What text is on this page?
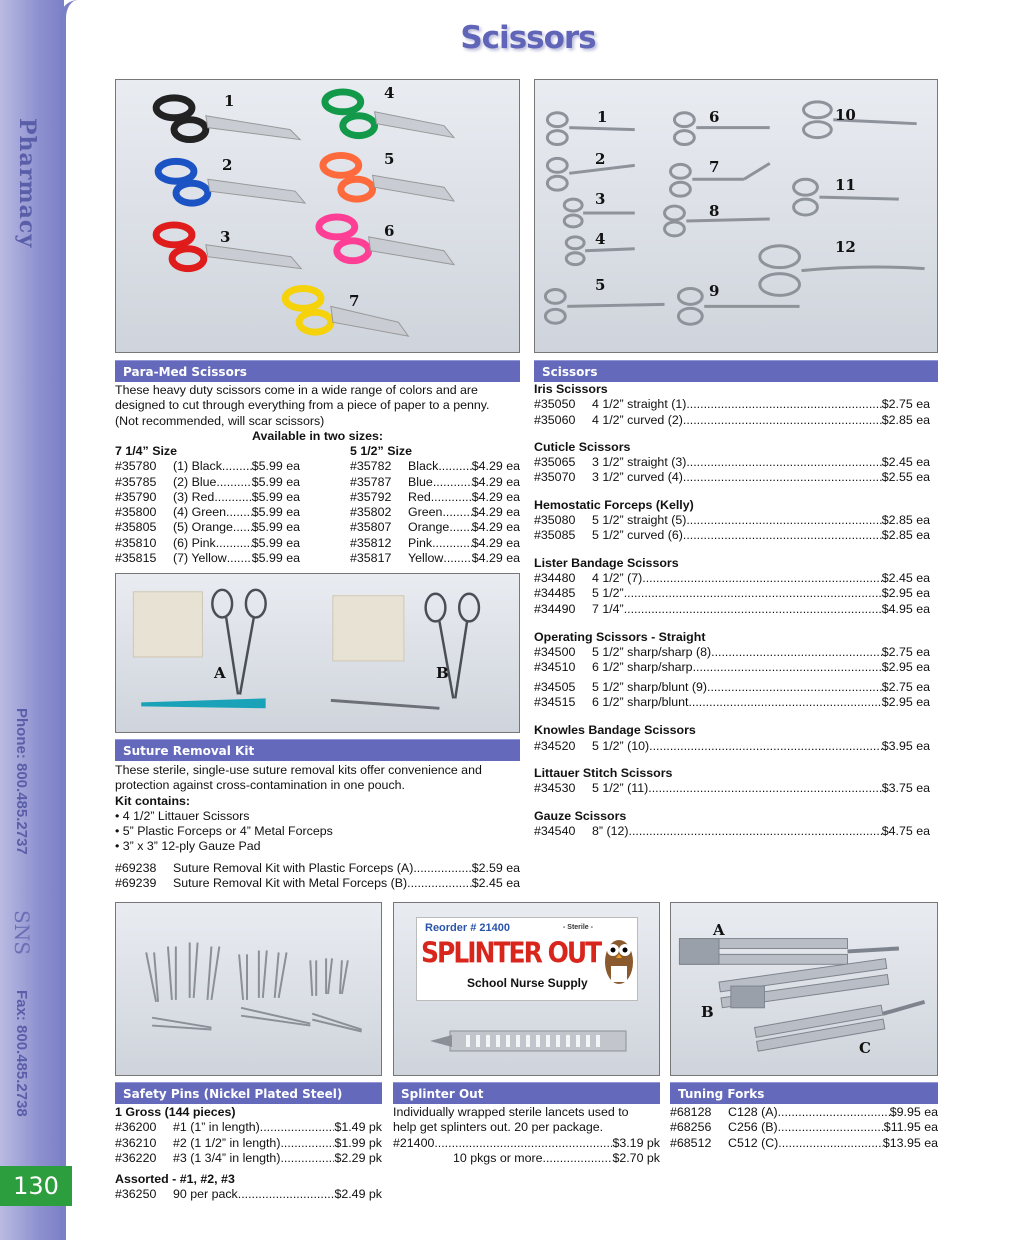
Pharmacy
Phone: 800.485.2737
SNS
Fax: 800.485.2738
130
Scissors
1
2
3
4
5
6
7
1
2
3
4
5
6
7
8
9
10
11
12
Para-Med Scissors
These heavy duty scissors come in a wide range of colors and are
designed to cut through everything from a piece of paper to a penny.
(Not recommended, will scar scissors)
Available in two sizes:
7 1/4” Size
#35780	(1) Black ..... $5.99 ea
#35785	(2) Blue .....	$5.99 ea
#35790	(3) Red .....	$5.99 ea
#35800	(4) Green ..... $5.99 ea
#35805	(5) Orange ..... $5.99 ea
#35810	(6) Pink .....	$5.99 ea
#35815	(7) Yellow ..... $5.99 ea
5 1/2” Size
#35782	Black .....	$4.29 ea
#35787	Blue .....	$4.29 ea
#35792	Red .....	$4.29 ea
#35802	Green ..... $4.29 ea
#35807	Orange ..... $4.29 ea
#35812	Pink .....	$4.29 ea
#35817	Yellow ..... $4.29 ea
Scissors
Iris Scissors
#35050	4 1/2” straight (1) .....	$2.75 ea
#35060	4 1/2” curved (2) .....	$2.85 ea
Cuticle Scissors
#35065	3 1/2” straight (3) .....	$2.45 ea
#35070	3 1/2” curved (4) .....	$2.55 ea
Hemostatic Forceps (Kelly)
#35080	5 1/2” straight (5) .....	$2.85 ea
#35085	5 1/2” curved (6) .....	$2.85 ea
Lister Bandage Scissors
#34480	4 1/2” (7) .....	$2.45 ea
#34485	5 1/2” .....	$2.95 ea
#34490	7 1/4” .....	$4.95 ea
Operating Scissors - Straight
#34500	5 1/2” sharp/sharp (8) .....	$2.75 ea
#34510	6 1/2” sharp/sharp .....	$2.95 ea
#34505	5 1/2” sharp/blunt (9) .....	$2.75 ea
#34515	6 1/2” sharp/blunt .....	$2.95 ea
Knowles Bandage Scissors
#34520	5 1/2” (10) .....	$3.95 ea
Littauer Stitch Scissors
#34530	5 1/2” (11) .....	$3.75 ea
Gauze Scissors
#34540	8” (12) .....	$4.75 ea
A	B
Suture Removal Kit
These sterile, single-use suture removal kits offer convenience and
protection against cross-contamination in one pouch.
Kit contains:
• 4 1/2” Littauer Scissors
• 5” Plastic Forceps or 4” Metal Forceps
• 3” x 3” 12-ply Gauze Pad
#69238	Suture Removal Kit with Plastic Forceps (A) .....	$2.59 ea
#69239	Suture Removal Kit with Metal Forceps (B) .....	$2.45 ea
Safety Pins (Nickel Plated Steel)
1 Gross (144 pieces)
#36200	#1 (1” in length) .....	$1.49 pk
#36210	#2 (1 1/2” in length) .....	$1.99 pk
#36220	#3 (1 3/4” in length) .....	$2.29 pk
Assorted - #1, #2, #3
#36250	90 per pack .....	$2.49 pk
Reorder # 21400	- Sterile -
SPLINTER OUT
School Nurse Supply
Splinter Out
Individually wrapped sterile lancets used to
help get splinters out. 20 per package.
#21400 .....	$3.19 pk
10 pkgs or more .....	$2.70 pk
A
B
C
Tuning Forks
#68128	C128 (A) .....	$9.95 ea
#68256	C256 (B) .....	$11.95 ea
#68512	C512 (C) .....	$13.95 ea
